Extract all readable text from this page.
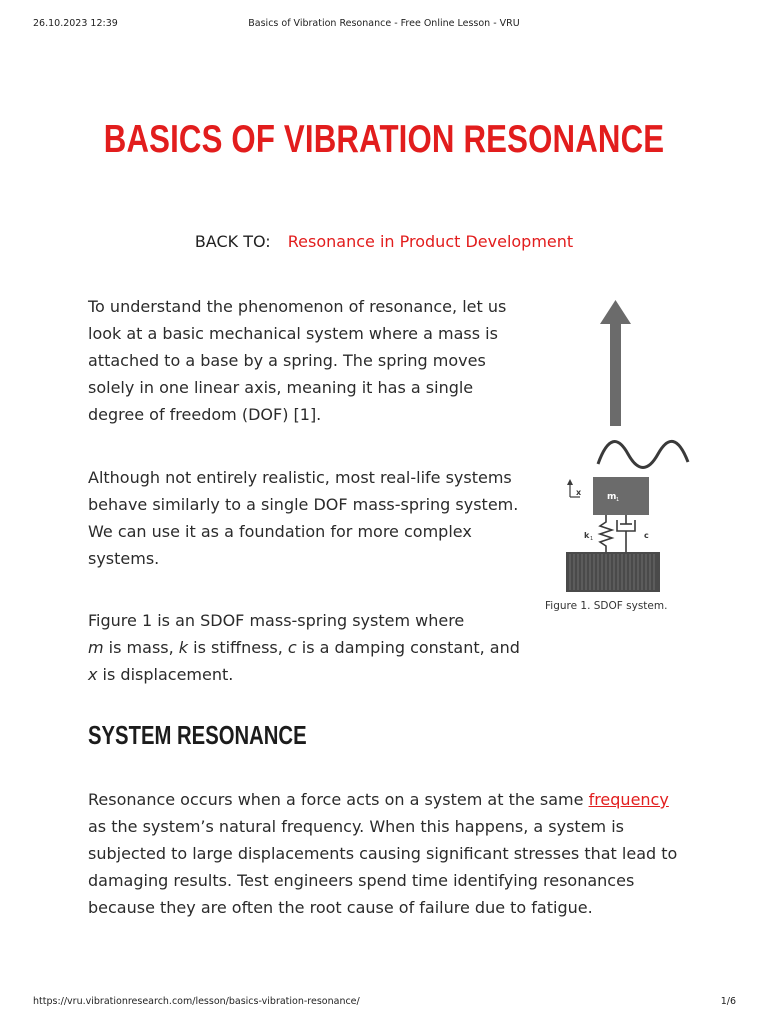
26.10.2023 12:39	Basics of Vibration Resonance - Free Online Lesson - VRU
BASICS OF VIBRATION RESONANCE
BACK TO: Resonance in Product Development

To understand the phenomenon of resonance, let us look at a basic mechanical system where a mass is attached to a base by a spring. The spring moves solely in one linear axis, meaning it has a single degree of freedom (DOF) [1].

Although not entirely realistic, most real-life systems behave similarly to a single DOF mass-spring system. We can use it as a foundation for more complex systems.

Figure 1 is an SDOF mass-spring system where
m is mass, k is stiffness, c is a damping constant, and x is displacement.

x	m 1
k 1	c
Figure 1. SDOF system.
SYSTEM RESONANCE

Resonance occurs when a force acts on a system at the same frequency as the system’s natural frequency. When this happens, a system is subjected to large displacements causing significant stresses that lead to damaging results. Test engineers spend time identifying resonances because they are often the root cause of failure due to fatigue.

https://vru.vibrationresearch.com/lesson/basics-vibration-resonance/	1/6
